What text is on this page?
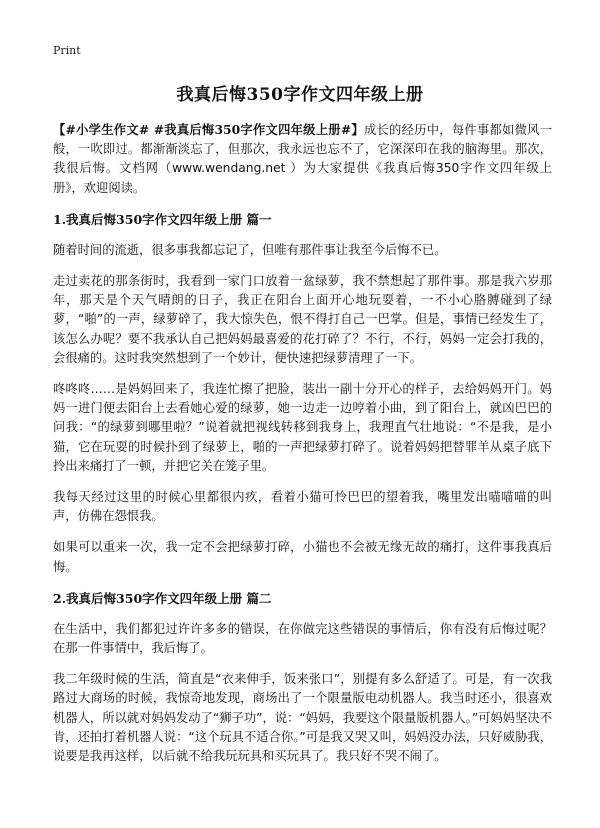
Print
我真后悔350字作文四年级上册

【#小学生作文# #我真后悔350字作文四年级上册#】成长的经历中，每件事都如微风一般，一吹即过。都渐渐淡忘了，但那次，我永远也忘不了，它深深印在我的脑海里。那次，我很后悔。文档网（www.wendang.net ）为大家提供《我真后悔350字作文四年级上册》，欢迎阅读。

1.我真后悔350字作文四年级上册 篇一

随着时间的流逝，很多事我都忘记了，但唯有那件事让我至今后悔不已。

走过卖花的那条街时，我看到一家门口放着一盆绿萝，我不禁想起了那件事。那是我六岁那年，那天是个天气晴朗的日子，我正在阳台上面开心地玩耍着，一不小心胳膊碰到了绿萝，“啪”的一声，绿萝碎了，我大惊失色，恨不得打自己一巴掌。但是，事情已经发生了，该怎么办呢？要不我承认自己把妈妈最喜爱的花打碎了？不行，不行，妈妈一定会打我的，会很痛的。这时我突然想到了一个妙计，便快速把绿萝清理了一下。

咚咚咚……是妈妈回来了，我连忙擦了把脸，装出一副十分开心的样子，去给妈妈开门。妈妈一进门便去阳台上去看她心爱的绿萝，她一边走一边哼着小曲，到了阳台上，就凶巴巴的问我：“的绿萝到哪里啦？”说着就把视线转移到我身上，我理直气壮地说：“不是我，是小猫，它在玩耍的时候扑到了绿萝上，啪的一声把绿萝打碎了。说着妈妈把替罪羊从桌子底下拎出来痛打了一顿，并把它关在笼子里。

我每天经过这里的时候心里都很内疚，看着小猫可怜巴巴的望着我，嘴里发出喵喵喵的叫声，仿佛在怨恨我。

如果可以重来一次，我一定不会把绿萝打碎，小猫也不会被无缘无故的痛打，这件事我真后悔。

2.我真后悔350字作文四年级上册 篇二

在生活中，我们都犯过许许多多的错误，在你做完这些错误的事情后，你有没有后悔过呢？在那一件事情中，我后悔了。

我二年级时候的生活，简直是“衣来伸手，饭来张口”，别提有多么舒适了。可是，有一次我路过大商场的时候，我惊奇地发现，商场出了一个限量版电动机器人。我当时还小，很喜欢机器人，所以就对妈妈发动了“狮子功”，说：“妈妈，我要这个限量版机器人。”可妈妈坚决不肯，还拍打着机器人说：“这个玩具不适合你。”可是我又哭又叫，妈妈没办法，只好威胁我，说要是我再这样，以后就不给我玩玩具和买玩具了。我只好不哭不闹了。
